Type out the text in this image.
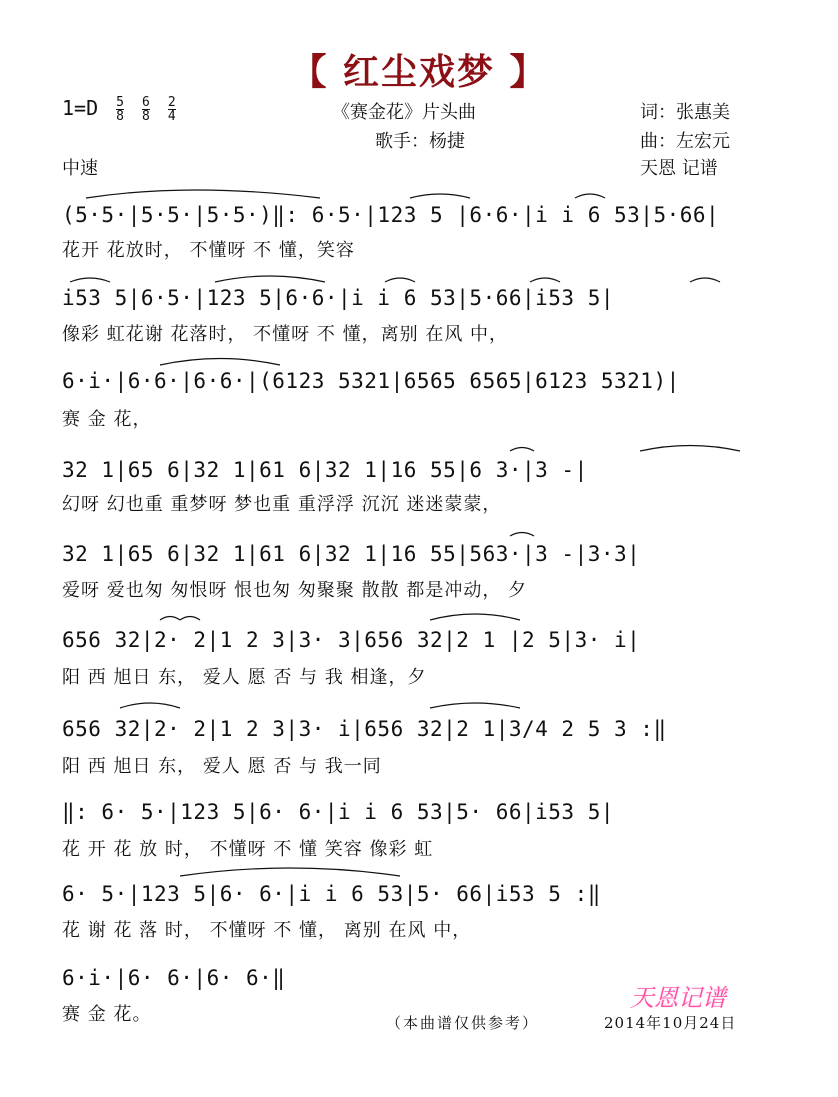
【 红尘戏梦 】
$1=D \frac{5}{8}$
$\frac{6}{8}$
$\frac{2}{4}$	《赛金花》片头曲
歌手：杨捷
词：张惠美
曲：左宏元
天恩 记谱
中速
(5·5·|5·5·|5·5·)‖: 6·5·|123 5 |6·6·|i i 6 53|5·66|
花开 花放时， 不懂呀 不 懂，笑容
i53 5|6·5·|123 5|6·6·|i i 6 53|5·66|i53 5|
像彩 虹花谢 花落时， 不懂呀 不 懂，离别 在风 中，
6·i·|6·6·|6·6·|(6123 5321|6565 6565|6123 5321)|
赛 金 花，
32 1|65 6|32 1|61 6|32 1|16 55|6 3·|3 -|
幻呀 幻也重 重梦呀 梦也重 重浮浮 沉沉 迷迷蒙蒙，
32 1|65 6|32 1|61 6|32 1|16 55|563·|3 -|3·3|
爱呀 爱也匆 匆恨呀 恨也匆 匆聚聚 散散 都是冲动， 夕
656 32|2· 2|1 2 3|3· 3|656 32|2 1 |2 5|3· i|
阳 西 旭日 东， 爱人 愿 否 与 我 相逢，夕
656 32|2· 2|1 2 3|3· i|656 32|2 1|3/4 2 5 3 :‖
阳 西 旭日 东， 爱人 愿 否 与 我一同
‖: 6· 5·|123 5|6· 6·|i i 6 53|5· 66|i53 5|
花 开 花 放 时， 不懂呀 不 懂 笑容 像彩 虹
6· 5·|123 5|6· 6·|i i 6 53|5· 66|i53 5 :‖
花 谢 花 落 时， 不懂呀 不 懂， 离别 在风 中，
6·i·|6· 6·|6· 6·‖
赛 金 花。	（本曲谱仅供参考）
天恩记谱
2014年10月24日
